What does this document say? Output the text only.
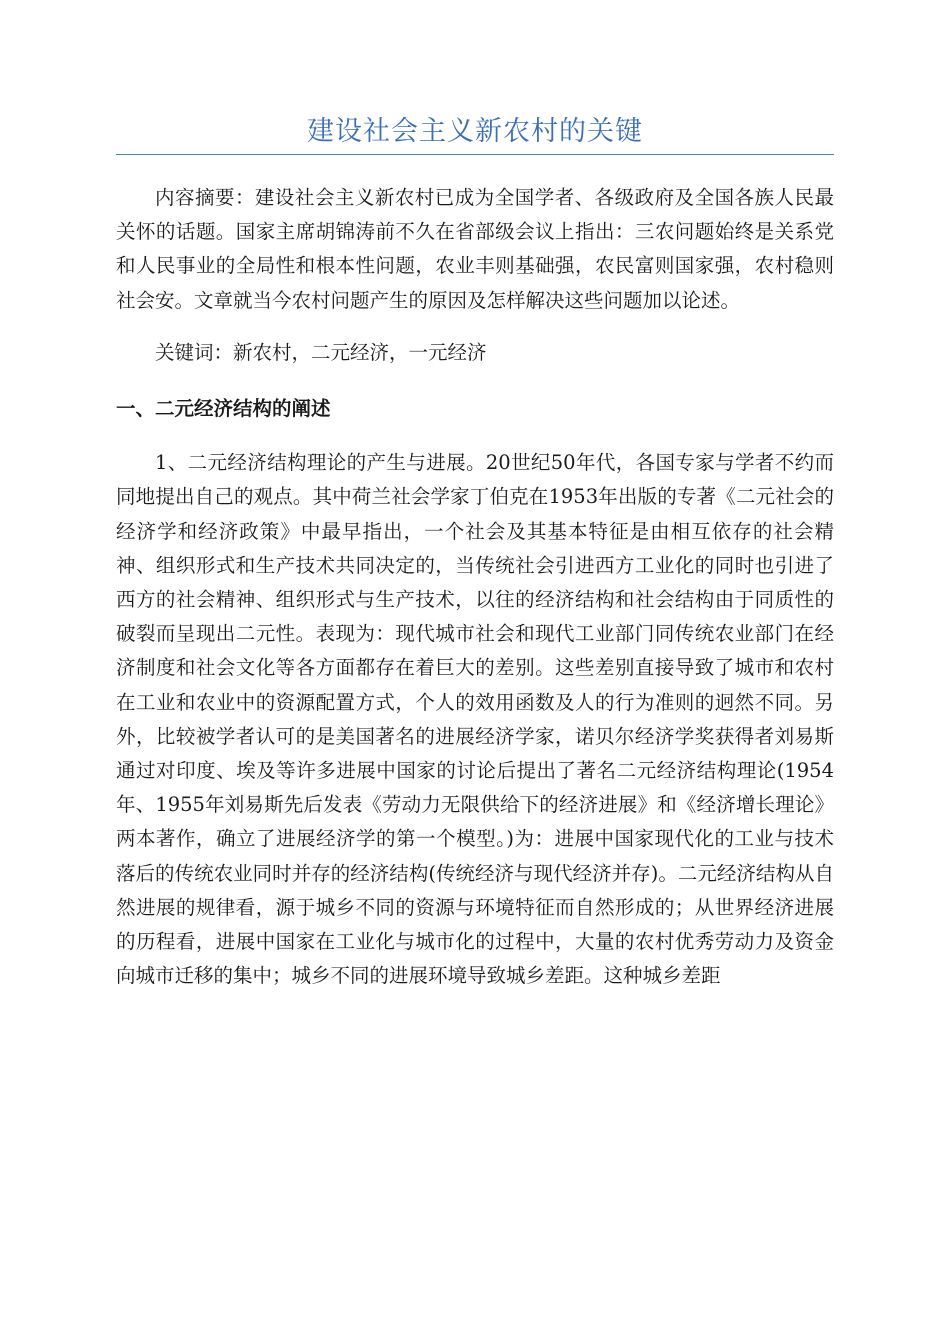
建设社会主义新农村的关键

内容摘要：建设社会主义新农村已成为全国学者、各级政府及全国各族人民最关怀的话题。国家主席胡锦涛前不久在省部级会议上指出：三农问题始终是关系党和人民事业的全局性和根本性问题，农业丰则基础强，农民富则国家强，农村稳则社会安。文章就当今农村问题产生的原因及怎样解决这些问题加以论述。

关键词：新农村，二元经济，一元经济

一、二元经济结构的阐述

1、二元经济结构理论的产生与进展。20世纪50年代，各国专家与学者不约而同地提出自己的观点。其中荷兰社会学家丁伯克在1953年出版的专著《二元社会的经济学和经济政策》中最早指出，一个社会及其基本特征是由相互依存的社会精神、组织形式和生产技术共同决定的，当传统社会引进西方工业化的同时也引进了西方的社会精神、组织形式与生产技术，以往的经济结构和社会结构由于同质性的破裂而呈现出二元性。表现为：现代城市社会和现代工业部门同传统农业部门在经济制度和社会文化等各方面都存在着巨大的差别。这些差别直接导致了城市和农村在工业和农业中的资源配置方式，个人的效用函数及人的行为准则的迥然不同。另外，比较被学者认可的是美国著名的进展经济学家，诺贝尔经济学奖获得者刘易斯通过对印度、埃及等许多进展中国家的讨论后提出了著名二元经济结构理论(1954年、1955年刘易斯先后发表《劳动力无限供给下的经济进展》和《经济增长理论》两本著作，确立了进展经济学的第一个模型。)为：进展中国家现代化的工业与技术落后的传统农业同时并存的经济结构(传统经济与现代经济并存)。二元经济结构从自然进展的规律看，源于城乡不同的资源与环境特征而自然形成的；从世界经济进展的历程看，进展中国家在工业化与城市化的过程中，大量的农村优秀劳动力及资金向城市迁移的集中；城乡不同的进展环境导致城乡差距。这种城乡差距
